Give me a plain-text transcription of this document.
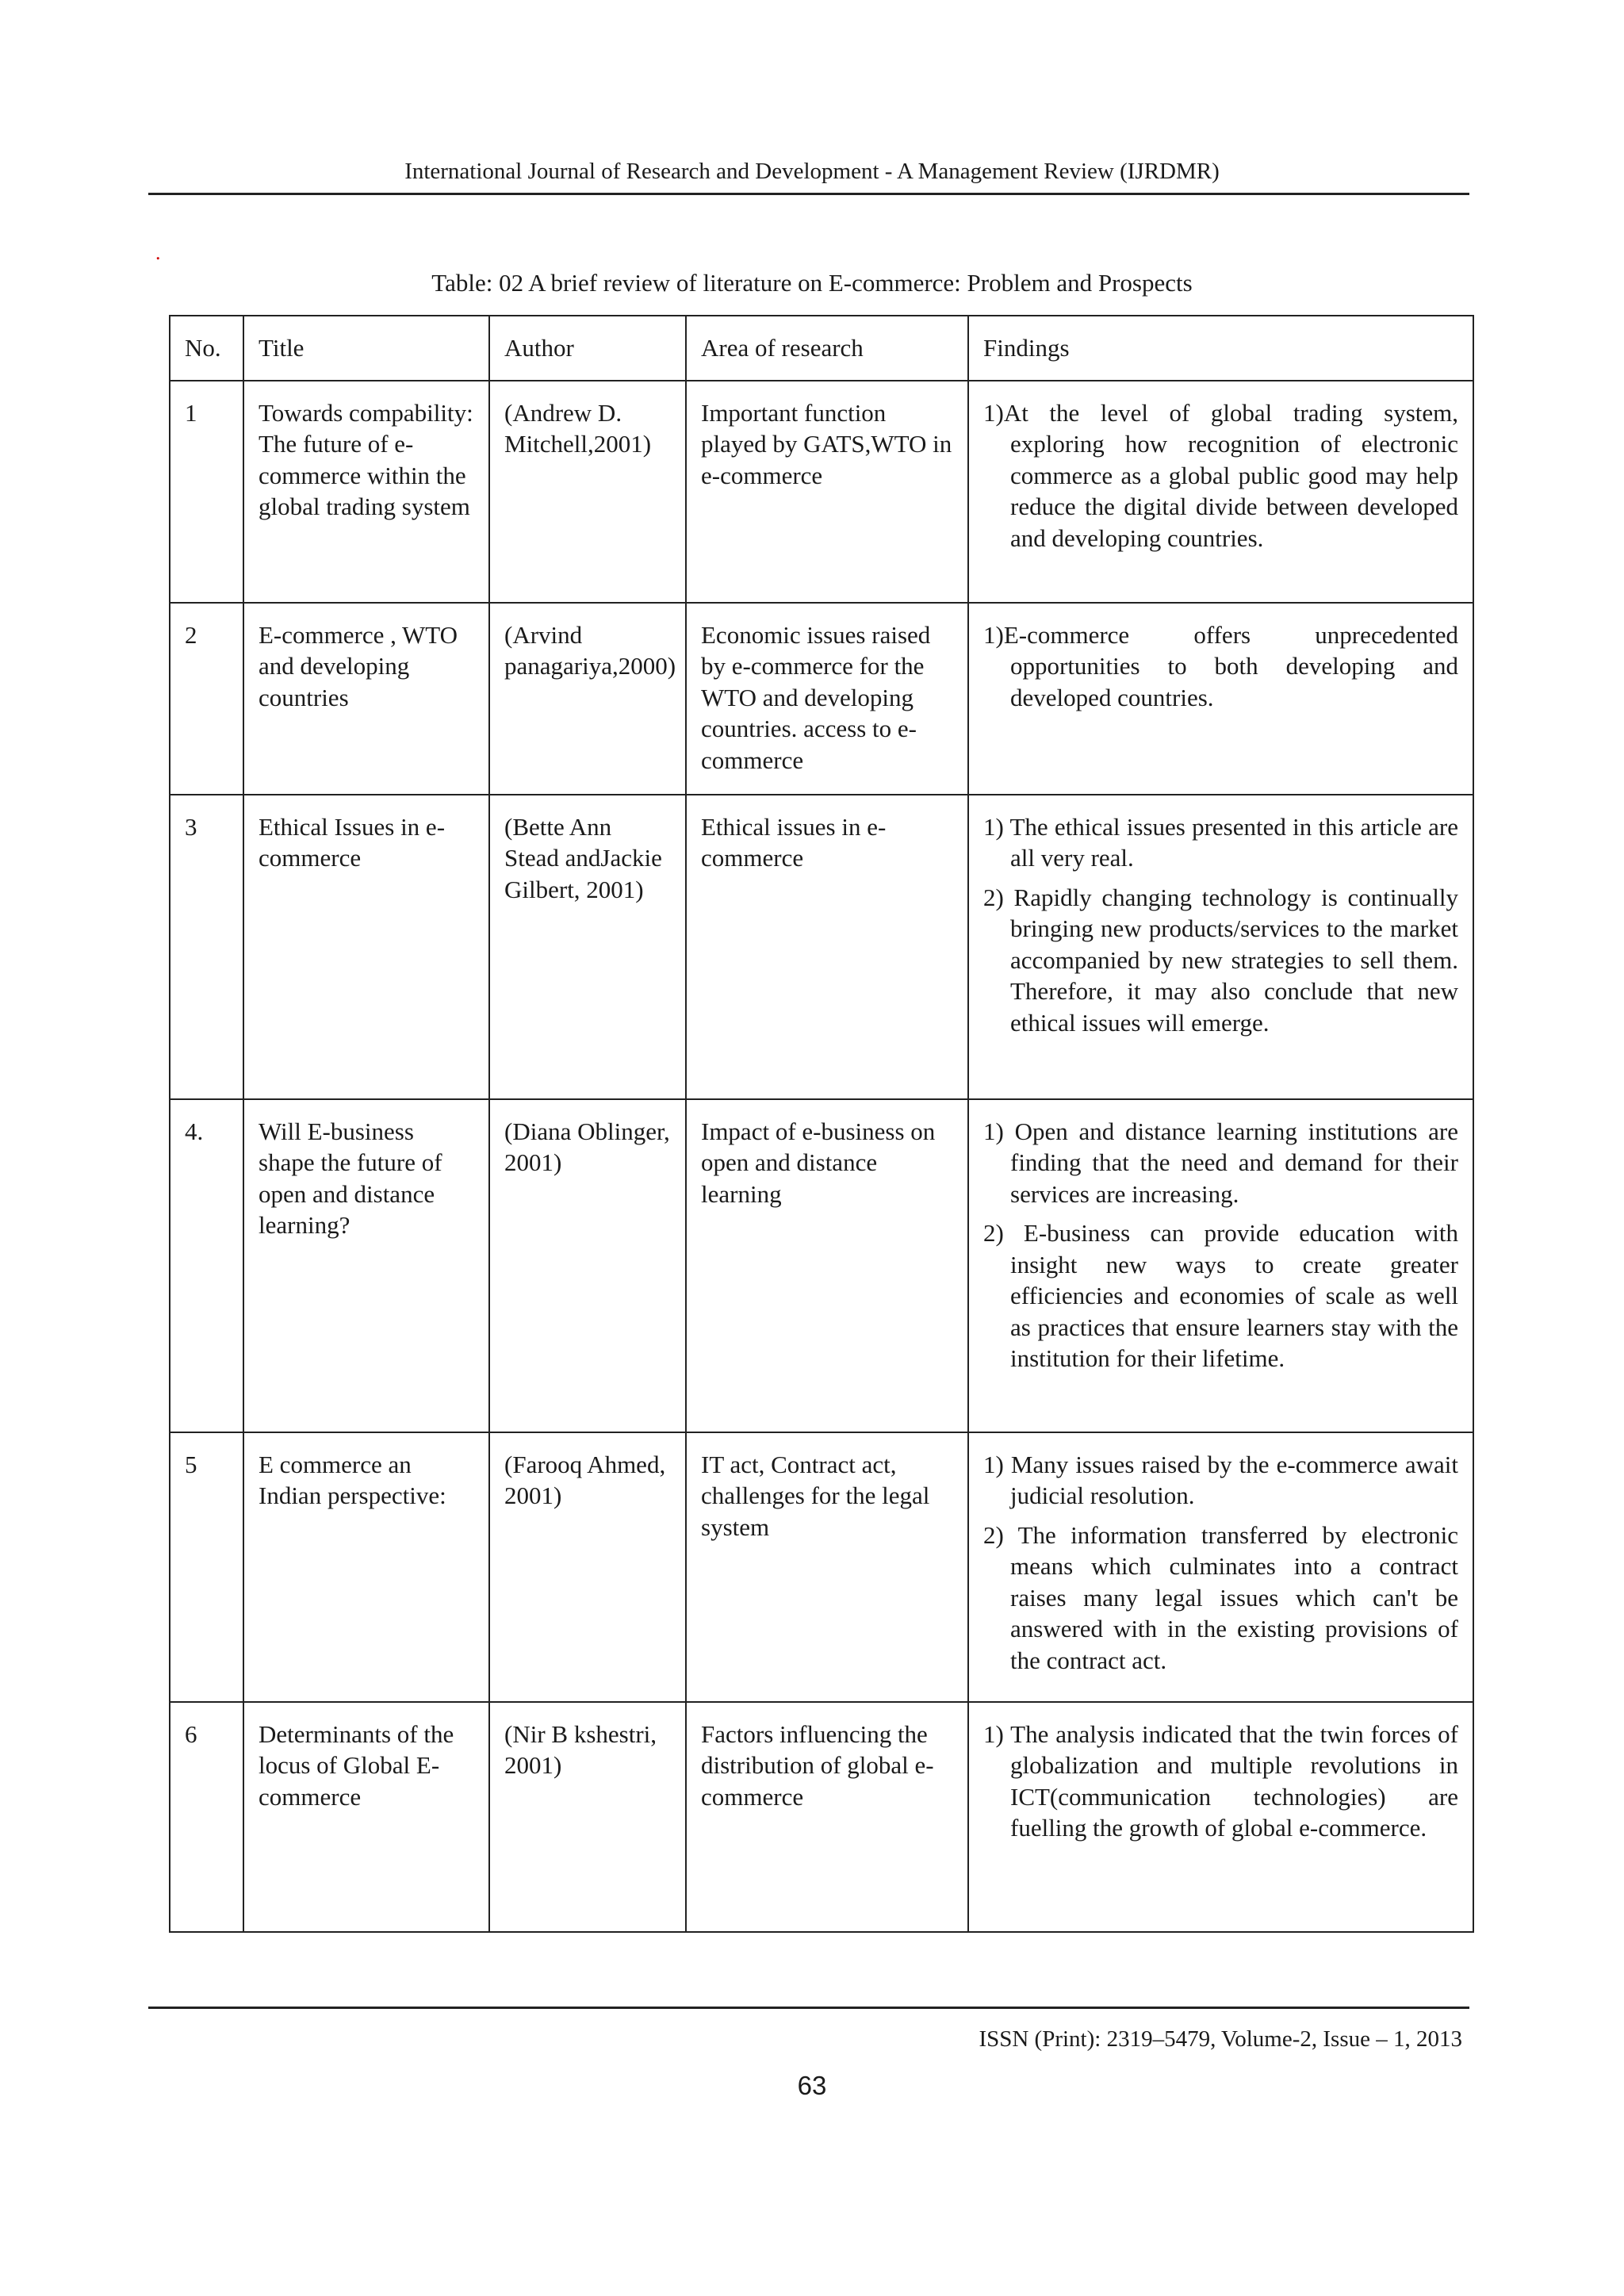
International Journal of Research and Development - A Management Review (IJRDMR)
.
Table: 02 A brief review of literature on E-commerce: Problem and Prospects
No.	Title	Author	Area of research	Findings
1	Towards compability: The future of e-commerce within the global trading system	(Andrew D. Mitchell,2001)	Important function played by GATS,WTO in e-commerce	1)At the level of global trading system, exploring how recognition of electronic commerce as a global public good may help reduce the digital divide between developed and developing countries.

2	E-commerce , WTO and developing countries	(Arvind panagariya,2000)	Economic issues raised by e-commerce for the WTO and developing countries. access to e-commerce	1)E-commerce offers unprecedented opportunities to both developing and developed countries.

3	Ethical Issues in e-commerce	(Bette Ann Stead andJackie Gilbert, 2001)	Ethical issues in e-commerce	1) The ethical issues presented in this article are all very real.
2) Rapidly changing technology is continually bringing new products/services to the market accompanied by new strategies to sell them. Therefore, it may also conclude that new ethical issues will emerge.

4.	Will E-business shape the future of open and distance learning?	(Diana Oblinger, 2001)	Impact of e-business on open and distance learning	1) Open and distance learning institutions are finding that the need and demand for their services are increasing.
2) E-business can provide education with insight new ways to create greater efficiencies and economies of scale as well as practices that ensure learners stay with the institution for their lifetime.

5	E commerce an Indian perspective:	(Farooq Ahmed, 2001)	IT act, Contract act, challenges for the legal system	1) Many issues raised by the e-commerce await judicial resolution.
2) The information transferred by electronic means which culminates into a contract raises many legal issues which can't be answered with in the existing provisions of the contract act.

6	Determinants of the locus of Global E-commerce	(Nir B kshestri, 2001)	Factors influencing the distribution of global e-commerce	1) The analysis indicated that the twin forces of globalization and multiple revolutions in ICT(communication technologies) are fuelling the growth of global e-commerce.
ISSN (Print): 2319–5479, Volume-2, Issue – 1, 2013
63
